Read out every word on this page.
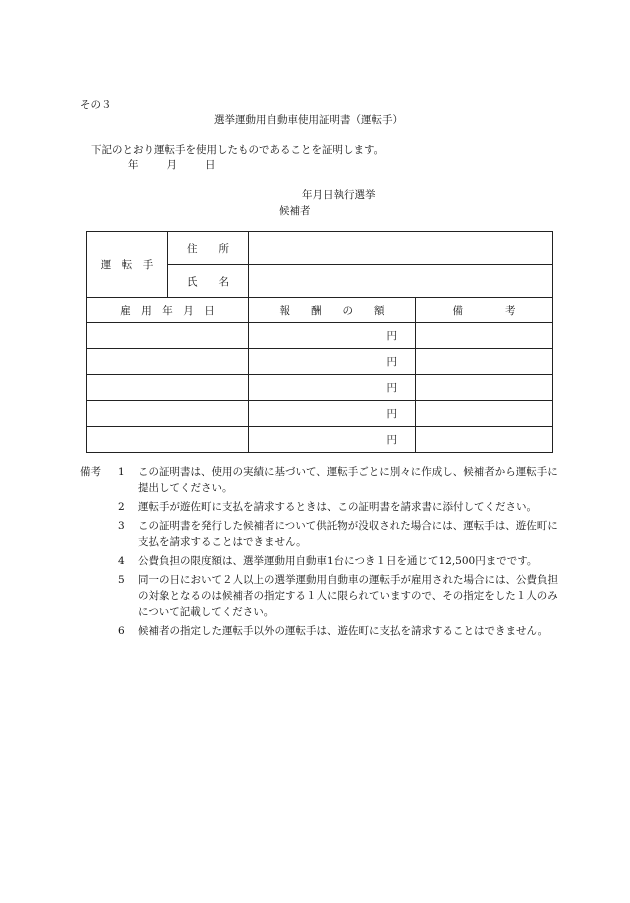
その３
選挙運動用自動車使用証明書（運転手）
下記のとおり運転手を使用したものであることを証明します。
年	月	日
年月日執行選挙
候補者
運　転　手	住　　所		
	氏　　名		
雇　用　年　月　日		報　　酬　　の　　額	備　　　　考
		円	
		円	
		円	
		円	
		円	
備考 1	この証明書は、使用の実績に基づいて、運転手ごとに別々に作成し、候補者から運転手に提出してください。
2	運転手が遊佐町に支払を請求するときは、この証明書を請求書に添付してください。
3	この証明書を発行した候補者について供託物が没収された場合には、運転手は、遊佐町に支払を請求することはできません。
4	公費負担の限度額は、選挙運動用自動車1台につき１日を通じて12,500円までです。
5	同一の日において２人以上の選挙運動用自動車の運転手が雇用された場合には、公費負担の対象となるのは候補者の指定する１人に限られていますので、その指定をした１人のみについて記載してください。
6	候補者の指定した運転手以外の運転手は、遊佐町に支払を請求することはできません。
